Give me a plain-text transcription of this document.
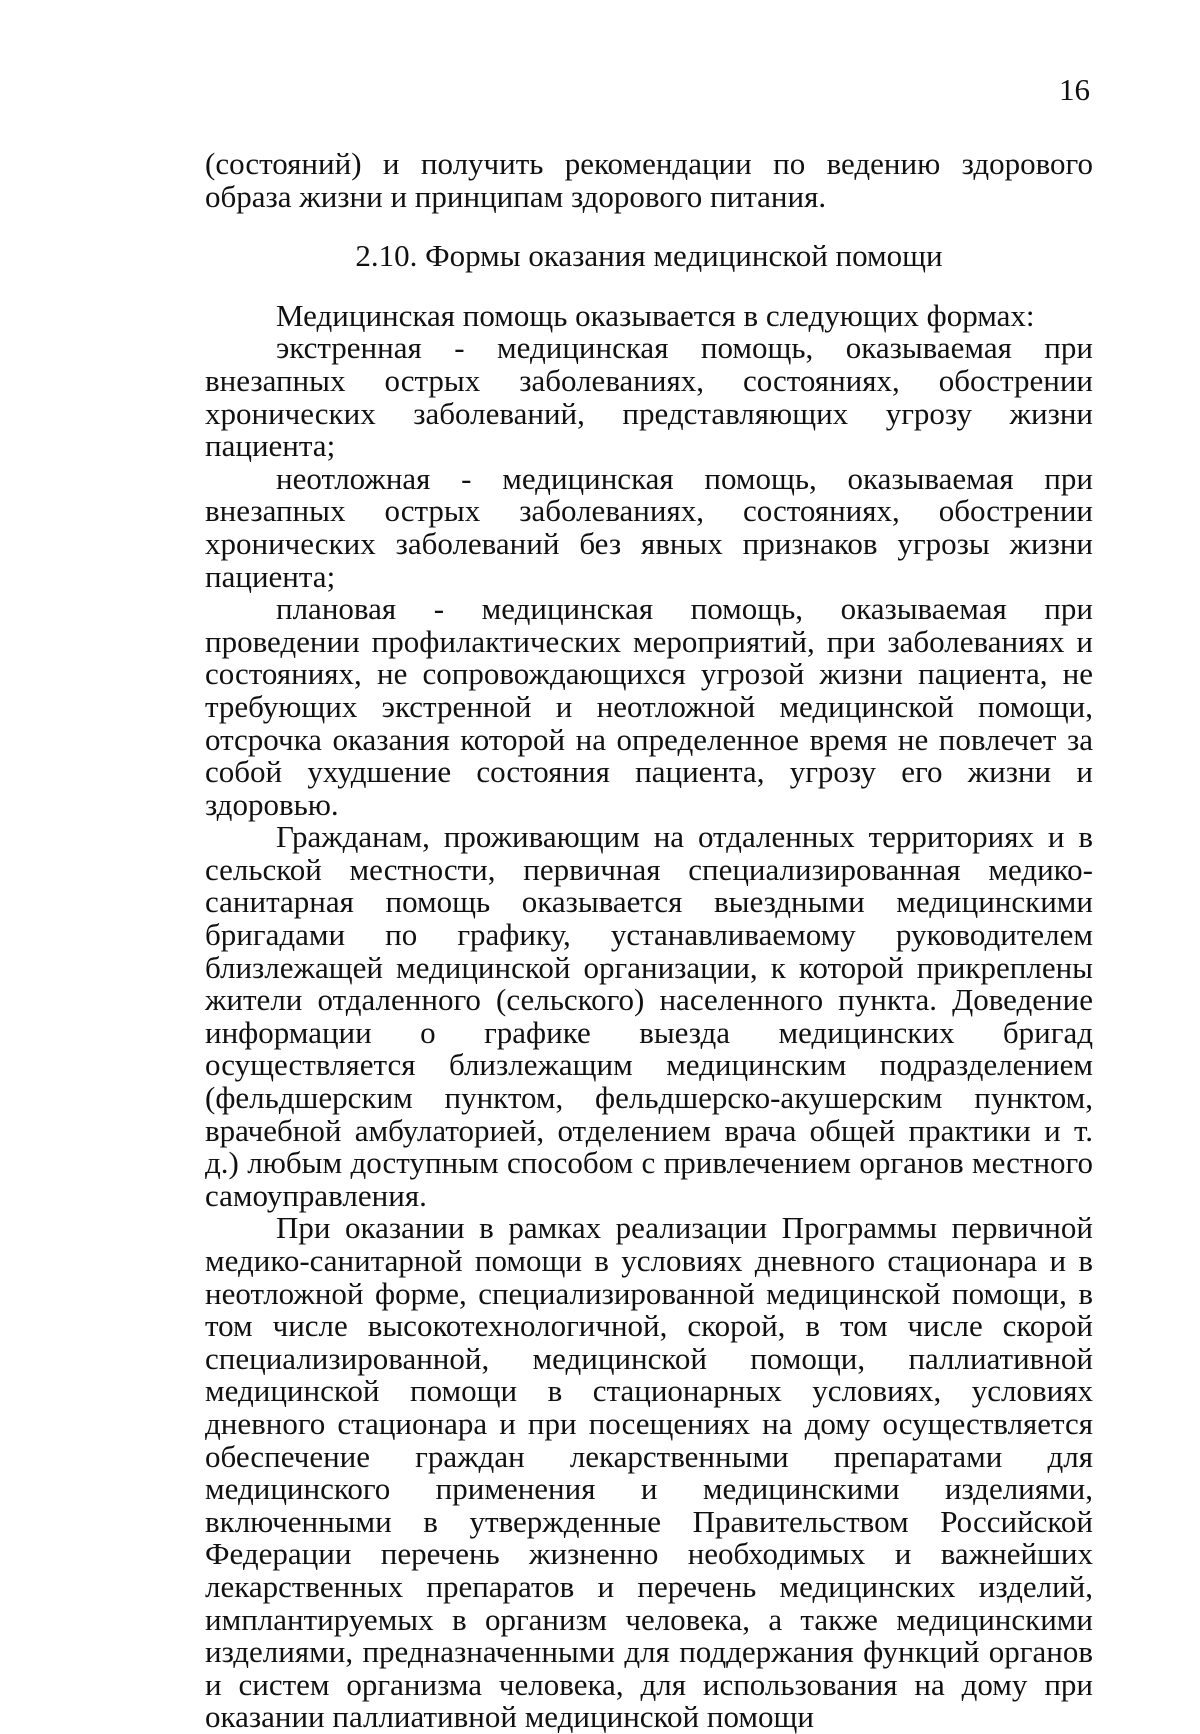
16

(состояний) и получить рекомендации по ведению здорового образа жизни и принципам здорового питания.

2.10. Формы оказания медицинской помощи

Медицинская помощь оказывается в следующих формах:

экстренная - медицинская помощь, оказываемая при внезапных острых заболеваниях, состояниях, обострении хронических заболеваний, представляющих угрозу жизни пациента;

неотложная - медицинская помощь, оказываемая при внезапных острых заболеваниях, состояниях, обострении хронических заболеваний без явных признаков угрозы жизни пациента;

плановая - медицинская помощь, оказываемая при проведении профилактических мероприятий, при заболеваниях и состояниях, не сопровождающихся угрозой жизни пациента, не требующих экстренной и неотложной медицинской помощи, отсрочка оказания которой на определенное время не повлечет за собой ухудшение состояния пациента, угрозу его жизни и здоровью.

Гражданам, проживающим на отдаленных территориях и в сельской местности, первичная специализированная медико-санитарная помощь оказывается выездными медицинскими бригадами по графику, устанавливаемому руководителем близлежащей медицинской организации, к которой прикреплены жители отдаленного (сельского) населенного пункта. Доведение информации о графике выезда медицинских бригад осуществляется близлежащим медицинским подразделением (фельдшерским пунктом, фельдшерско-акушерским пунктом, врачебной амбулаторией, отделением врача общей практики и т. д.) любым доступным способом с привлечением органов местного самоуправления.

При оказании в рамках реализации Программы первичной медико-санитарной помощи в условиях дневного стационара и в неотложной форме, специализированной медицинской помощи, в том числе высокотехнологичной, скорой, в том числе скорой специализированной, медицинской помощи, паллиативной медицинской помощи в стационарных условиях, условиях дневного стационара и при посещениях на дому осуществляется обеспечение граждан лекарственными препаратами для медицинского применения и медицинскими изделиями, включенными в утвержденные Правительством Российской Федерации перечень жизненно необходимых и важнейших лекарственных препаратов и перечень медицинских изделий, имплантируемых в организм человека, а также медицинскими изделиями, предназначенными для поддержания функций органов и систем организма человека, для использования на дому при оказании паллиативной медицинской помощи
